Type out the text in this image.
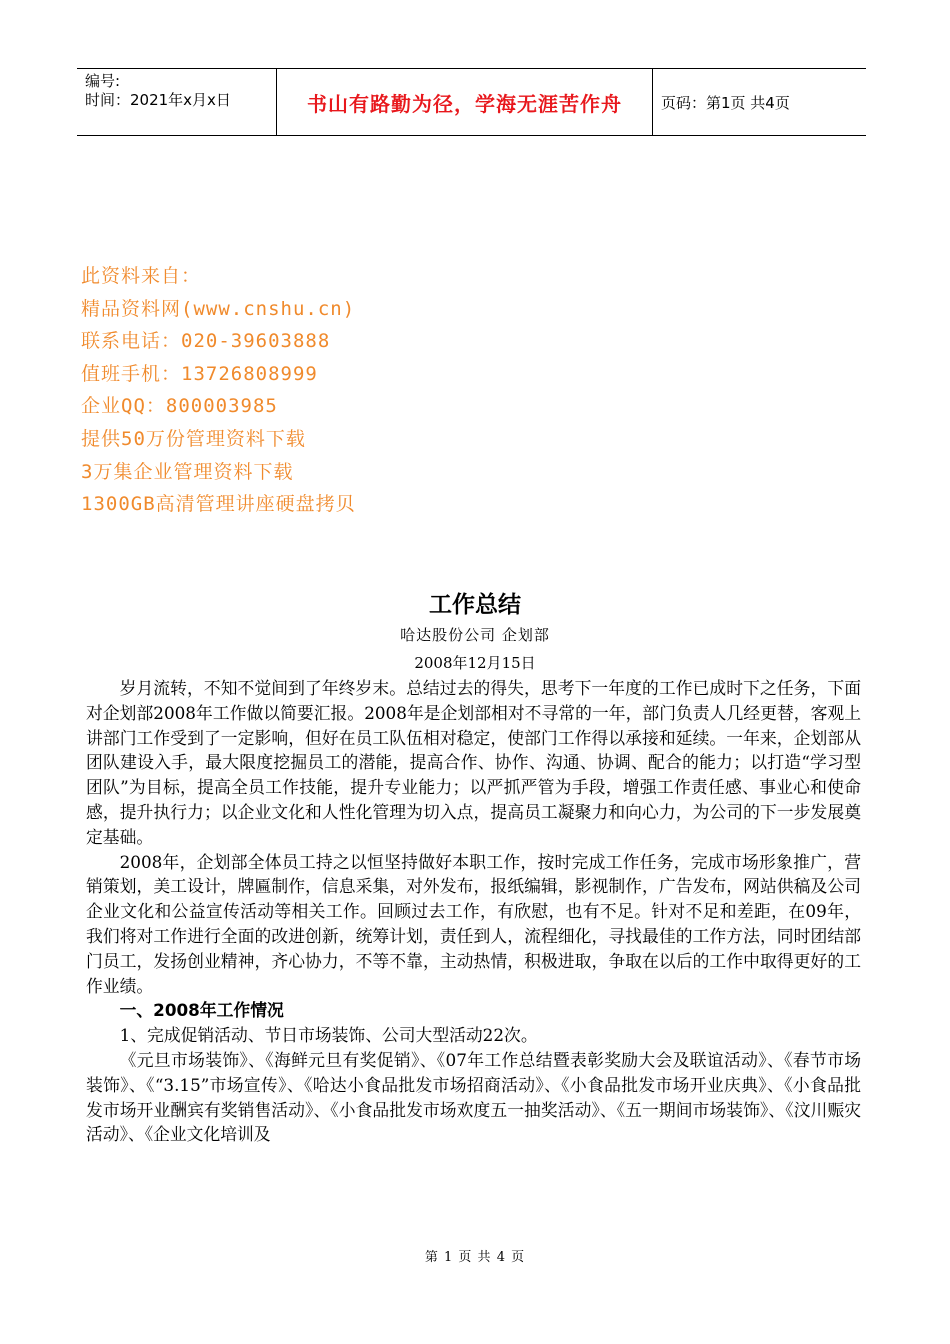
编号:
时间：2021年x月x日	书山有路勤为径，学海无涯苦作舟	页码：第1页 共4页
此资料来自：
精品资料网(www.cnshu.cn)
联系电话：020-39603888
值班手机：13726808999
企业QQ：800003985
提供50万份管理资料下载
3万集企业管理资料下载
1300GB高清管理讲座硬盘拷贝
工作总结
哈达股份公司 企划部
2008年12月15日

岁月流转，不知不觉间到了年终岁末。总结过去的得失，思考下一年度的工作已成时下之任务，下面对企划部2008年工作做以简要汇报。2008年是企划部相对不寻常的一年，部门负责人几经更替，客观上讲部门工作受到了一定影响，但好在员工队伍相对稳定，使部门工作得以承接和延续。一年来，企划部从团队建设入手，最大限度挖掘员工的潜能，提高合作、协作、沟通、协调、配合的能力；以打造“学习型团队”为目标，提高全员工作技能，提升专业能力；以严抓严管为手段，增强工作责任感、事业心和使命感，提升执行力；以企业文化和人性化管理为切入点，提高员工凝聚力和向心力，为公司的下一步发展奠定基础。

2008年，企划部全体员工持之以恒坚持做好本职工作，按时完成工作任务，完成市场形象推广，营销策划，美工设计，牌匾制作，信息采集，对外发布，报纸编辑，影视制作，广告发布，网站供稿及公司企业文化和公益宣传活动等相关工作。回顾过去工作，有欣慰，也有不足。针对不足和差距，在09年，我们将对工作进行全面的改进创新，统筹计划，责任到人，流程细化，寻找最佳的工作方法，同时团结部门员工，发扬创业精神，齐心协力，不等不靠，主动热情，积极进取，争取在以后的工作中取得更好的工作业绩。

一、2008年工作情况

1、完成促销活动、节日市场装饰、公司大型活动22次。

《元旦市场装饰》、《海鲜元旦有奖促销》、《07年工作总结暨表彰奖励大会及联谊活动》、《春节市场装饰》、《“3.15”市场宣传》、《哈达小食品批发市场招商活动》、《小食品批发市场开业庆典》、《小食品批发市场开业酬宾有奖销售活动》、《小食品批发市场欢度五一抽奖活动》、《五一期间市场装饰》、《汶川赈灾活动》、《企业文化培训及

第 1 页 共 4 页
